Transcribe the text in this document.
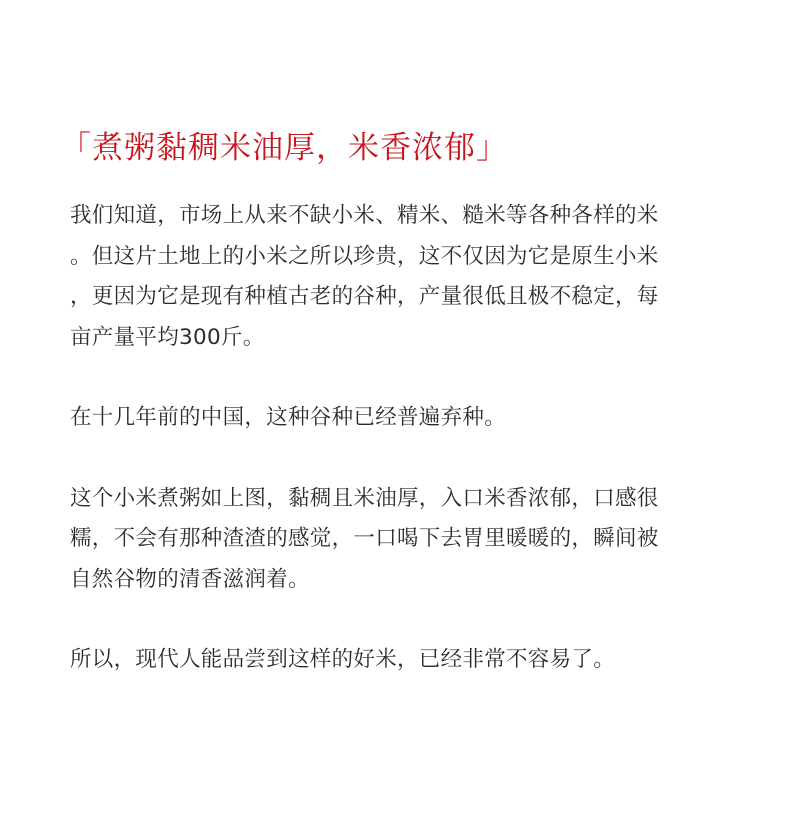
「煮粥黏稠米油厚，米香浓郁」

我们知道，市场上从来不缺小米、精米、糙米等各种各样的米
。但这片土地上的小米之所以珍贵，这不仅因为它是原生小米
，更因为它是现有种植古老的谷种，产量很低且极不稳定，每
亩产量平均300斤。

在十几年前的中国，这种谷种已经普遍弃种。

这个小米煮粥如上图，黏稠且米油厚，入口米香浓郁，口感很
糯，不会有那种渣渣的感觉，一口喝下去胃里暖暖的，瞬间被
自然谷物的清香滋润着。

所以，现代人能品尝到这样的好米，已经非常不容易了。
